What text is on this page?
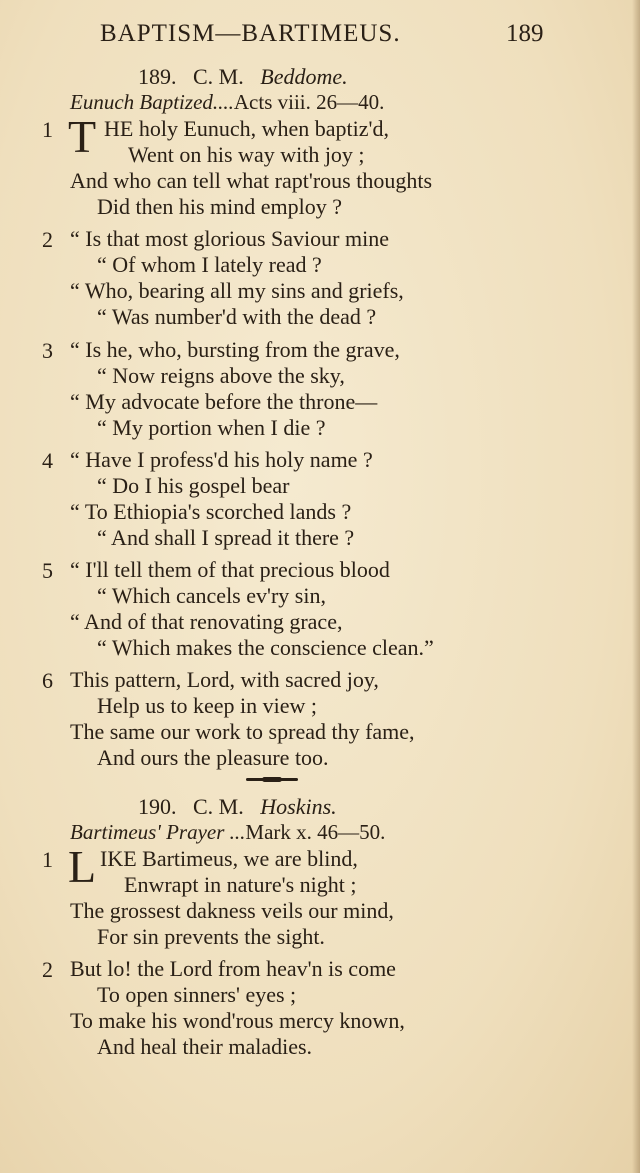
BAPTISM—BARTIMEUS.	189
189. C. M. Beddome.
Eunuch Baptized....Acts viii. 26—40.
1 T HE holy Eunuch, when baptiz'd,
Went on his way with joy ;
And who can tell what rapt'rous thoughts
Did then his mind employ ?
2 “ Is that most glorious Saviour mine
“ Of whom I lately read ?
“ Who, bearing all my sins and griefs,
“ Was number'd with the dead ?
3 “ Is he, who, bursting from the grave,
“ Now reigns above the sky,
“ My advocate before the throne—
“ My portion when I die ?
4 “ Have I profess'd his holy name ?
“ Do I his gospel bear
“ To Ethiopia's scorched lands ?
“ And shall I spread it there ?
5 “ I'll tell them of that precious blood
“ Which cancels ev'ry sin,
“ And of that renovating grace,
“ Which makes the conscience clean.”
6 This pattern, Lord, with sacred joy,
Help us to keep in view ;
The same our work to spread thy fame,
And ours the pleasure too.
190. C. M. Hoskins.
Bartimeus' Prayer ...Mark x. 46—50.
1 L IKE Bartimeus, we are blind,
Enwrapt in nature's night ;
The grossest dakness veils our mind,
For sin prevents the sight.
2 But lo! the Lord from heav'n is come
To open sinners' eyes ;
To make his wond'rous mercy known,
And heal their maladies.
